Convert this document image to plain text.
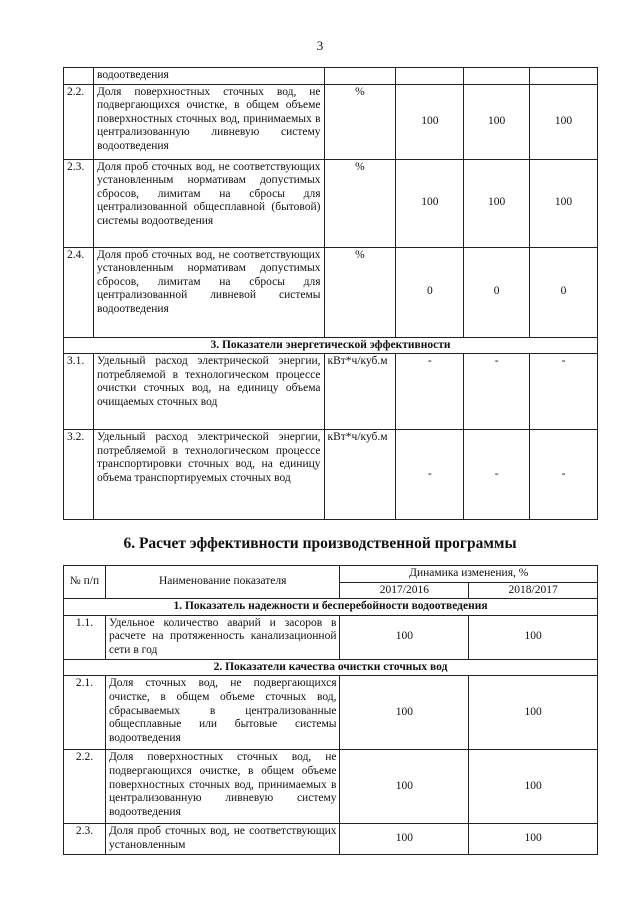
3
	водоотведения				
2.2.	Доля поверхностных сточных вод, не подвергающихся очистке, в общем объеме поверхностных сточных вод, принимаемых в централизованную ливневую систему водоотведения	%	100	100	100
2.3.	Доля проб сточных вод, не соответствующих установленным нормативам допустимых сбросов, лимитам на сбросы для централизованной общесплавной (бытовой) системы водоотведения	%	100	100	100
2.4.	Доля проб сточных вод, не соответствующих установленным нормативам допустимых сбросов, лимитам на сбросы для централизованной ливневой системы водоотведения	%	0	0	0
3. Показатели энергетической эффективности					
3.1.	Удельный расход электрической энергии, потребляемой в технологическом процессе очистки сточных вод, на единицу объема очищаемых сточных вод	кВт*ч/куб.м	-	-	-
3.2.	Удельный расход электрической энергии, потребляемой в технологическом процессе транспортировки сточных вод, на единицу объема транспортируемых сточных вод	кВт*ч/куб.м	-	-	-
6. Расчет эффективности производственной программы
№ п/п	Наименование показателя	Динамика изменения, %	
		2017/2016	2018/2017
1. Показатель надежности и бесперебойности водоотведения			
1.1.	Удельное количество аварий и засоров в расчете на протяженность канализационной сети в год	100	100
2. Показатели качества очистки сточных вод			
2.1.	Доля сточных вод, не подвергающихся очистке, в общем объеме сточных вод, сбрасываемых в централизованные общесплавные или бытовые системы водоотведения	100	100
2.2.	Доля поверхностных сточных вод, не подвергающихся очистке, в общем объеме поверхностных сточных вод, принимаемых в централизованную ливневую систему водоотведения	100	100
2.3.	Доля проб сточных вод, не соответствующих установленным	100	100
